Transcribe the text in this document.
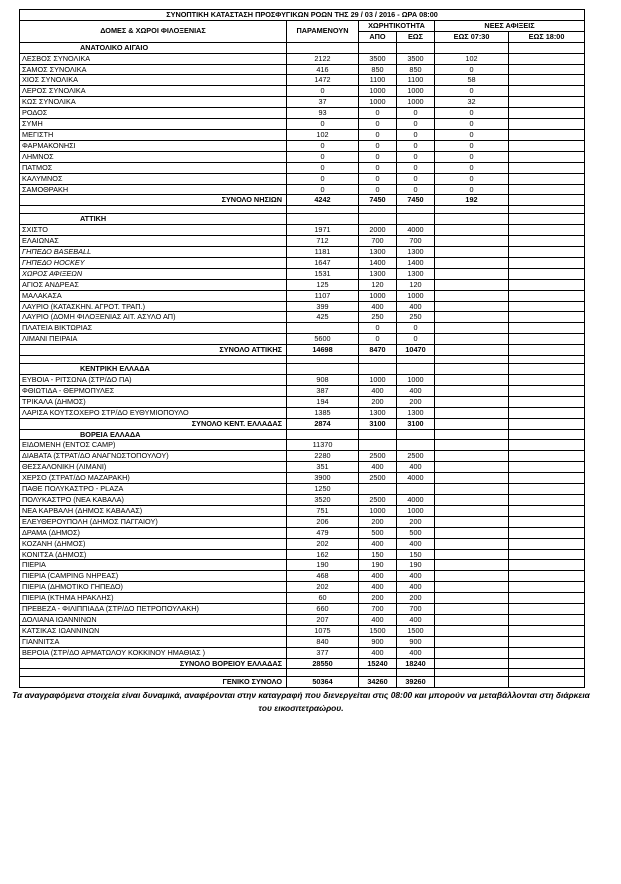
ΣΥΝΟΠΤΙΚΗ ΚΑΤΑΣΤΑΣΗ ΠΡΟΣΦΥΓΙΚΩΝ ΡΟΩΝ ΤΗΣ 29 / 03 / 2016 - ΩΡΑ 08:00					
ΔΟΜΕΣ & ΧΩΡΟΙ ΦΙΛΟΞΕΝΙΑΣ	ΠΑΡΑΜΕΝΟΥΝ	ΧΩΡΗΤΙΚΟΤΗΤΑ		ΝΕΕΣ ΑΦΙΞΕΙΣ	
		ΑΠΟ	ΕΩΣ	ΕΩΣ 07:30	ΕΩΣ 18:00
ΑΝΑΤΟΛΙΚΟ ΑΙΓΑΙΟ					
ΛΕΣΒΟΣ ΣΥΝΟΛΙΚΑ	2122	3500	3500	102	
ΣΑΜΟΣ ΣΥΝΟΛΙΚΑ	416	850	850	0	
ΧΙΟΣ ΣΥΝΟΛΙΚΑ	1472	1100	1100	58	
ΛΕΡΟΣ ΣΥΝΟΛΙΚΑ	0	1000	1000	0	
ΚΩΣ ΣΥΝΟΛΙΚΑ	37	1000	1000	32	
ΡΟΔΟΣ	93	0	0	0	
ΣΥΜΗ	0	0	0	0	
ΜΕΓΙΣΤΗ	102	0	0	0	
ΦΑΡΜΑΚΟΝΗΣΙ	0	0	0	0	
ΛΗΜΝΟΣ	0	0	0	0	
ΠΑΤΜΟΣ	0	0	0	0	
ΚΑΛΥΜΝΟΣ	0	0	0	0	
ΣΑΜΟΘΡΑΚΗ	0	0	0	0	
ΣΥΝΟΛΟ ΝΗΣΙΩΝ	4242	7450	7450	192	

ΑΤΤΙΚΗ					
ΣΧΙΣΤΟ	1971	2000	4000		
ΕΛΑΙΩΝΑΣ	712	700	700		
ΓΗΠΕΔΟ BASEBALL	1181	1300	1300		
ΓΗΠΕΔΟ HOCKEY	1647	1400	1400		
ΧΩΡΟΣ ΑΦΙΞΕΩΝ	1531	1300	1300		
ΑΓΙΟΣ ΑΝΔΡΕΑΣ	125	120	120		
ΜΑΛΑΚΑΣΑ	1107	1000	1000		
ΛΑΥΡΙΟ (ΚΑΤΑΣΚΗΝ. ΑΓΡΟΤ. ΤΡΑΠ.)	399	400	400		
ΛΑΥΡΙΟ (ΔΟΜΗ ΦΙΛΟΞΕΝΙΑΣ ΑΙΤ. ΑΣΥΛΟ ΑΠ)	425	250	250		
ΠΛΑΤΕΙΑ ΒΙΚΤΩΡΙΑΣ		0	0		
ΛΙΜΑΝΙ ΠΕΙΡΑΙΑ	5600	0	0		
ΣΥΝΟΛΟ ΑΤΤΙΚΗΣ	14698	8470	10470		

ΚΕΝΤΡΙΚΗ ΕΛΛΑΔΑ					
ΕΥΒΟΙΑ - ΡΙΤΣΩΝΑ (ΣΤΡ/ΔΟ ΠΑ)	908	1000	1000		
ΦΘΙΩΤΙΔΑ - ΘΕΡΜΟΠΥΛΕΣ	387	400	400		
ΤΡΙΚΑΛΑ (ΔΗΜΟΣ)	194	200	200		
ΛΑΡΙΣΑ ΚΟΥΤΣΟΧΕΡΟ ΣΤΡ/ΔΟ ΕΥΘΥΜΙΟΠΟΥΛΟ	1385	1300	1300		
ΣΥΝΟΛΟ ΚΕΝΤ. ΕΛΛΑΔΑΣ	2874	3100	3100		
ΒΟΡΕΙΑ ΕΛΛΑΔΑ					
ΕΙΔΟΜΕΝΗ (ΕΝΤΟΣ CAMP)	11370				
ΔΙΑΒΑΤΑ (ΣΤΡΑΤ/ΔΟ ΑΝΑΓΝΩΣΤΟΠΟΥΛΟΥ)	2280	2500	2500		
ΘΕΣΣΑΛΟΝΙΚΗ (ΛΙΜΑΝΙ)	351	400	400		
ΧΕΡΣΟ (ΣΤΡΑΤ/ΔΟ ΜΑΖΑΡΑΚΗ)	3900	2500	4000		
ΠΑΘΕ ΠΟΛΥΚΑΣΤΡΟ - PLAZA	1250				
ΠΟΛΥΚΑΣΤΡΟ (ΝΕΑ ΚΑΒΑΛΑ)	3520	2500	4000		
ΝΕΑ ΚΑΡΒΑΛΗ (ΔΗΜΟΣ ΚΑΒΑΛΑΣ)	751	1000	1000		
ΕΛΕΥΘΕΡΟΥΠΟΛΗ (ΔΗΜΟΣ ΠΑΓΓΑΙΟΥ)	206	200	200		
ΔΡΑΜΑ (ΔΗΜΟΣ)	479	500	500		
ΚΟΖΑΝΗ (ΔΗΜΟΣ)	202	400	400		
ΚΟΝΙΤΣΑ (ΔΗΜΟΣ)	162	150	150		
ΠΙΕΡΙΑ	190	190	190		
ΠΙΕΡΙΑ (CAMPING ΝΗΡΕΑΣ)	468	400	400		
ΠΙΕΡΙΑ (ΔΗΜΟΤΙΚΟ ΓΗΠΕΔΟ)	202	400	400		
ΠΙΕΡΙΑ (ΚΤΗΜΑ ΗΡΑΚΛΗΣ)	60	200	200		
ΠΡΕΒΕΖΑ - ΦΙΛΙΠΠΙΑΔΑ (ΣΤΡ/ΔΟ ΠΕΤΡΟΠΟΥΛΑΚΗ)	660	700	700		
ΔΟΛΙΑΝΑ ΙΩΑΝΝΙΝΩΝ	207	400	400		
ΚΑΤΣΙΚΑΣ ΙΩΑΝΝΙΝΩΝ	1075	1500	1500		
ΓΙΑΝΝΙΤΣΑ	840	900	900		
ΒΕΡΟΙΑ (ΣΤΡ/ΔΟ ΑΡΜΑΤΩΛΟΥ ΚΟΚΚΙΝΟΥ ΗΜΑΘΙΑΣ )	377	400	400		
ΣΥΝΟΛΟ ΒΟΡΕΙΟΥ ΕΛΛΑΔΑΣ	28550	15240	18240		

ΓΕΝΙΚΟ ΣΥΝΟΛΟ	50364	34260	39260		
Τα αναγραφόμενα στοιχεία είναι δυναμικά, αναφέρονται στην καταγραφή που διενεργείται στις 08:00 και μπορούν να μεταβάλλονται στη διάρκεια του εικοσιτετραώρου.
